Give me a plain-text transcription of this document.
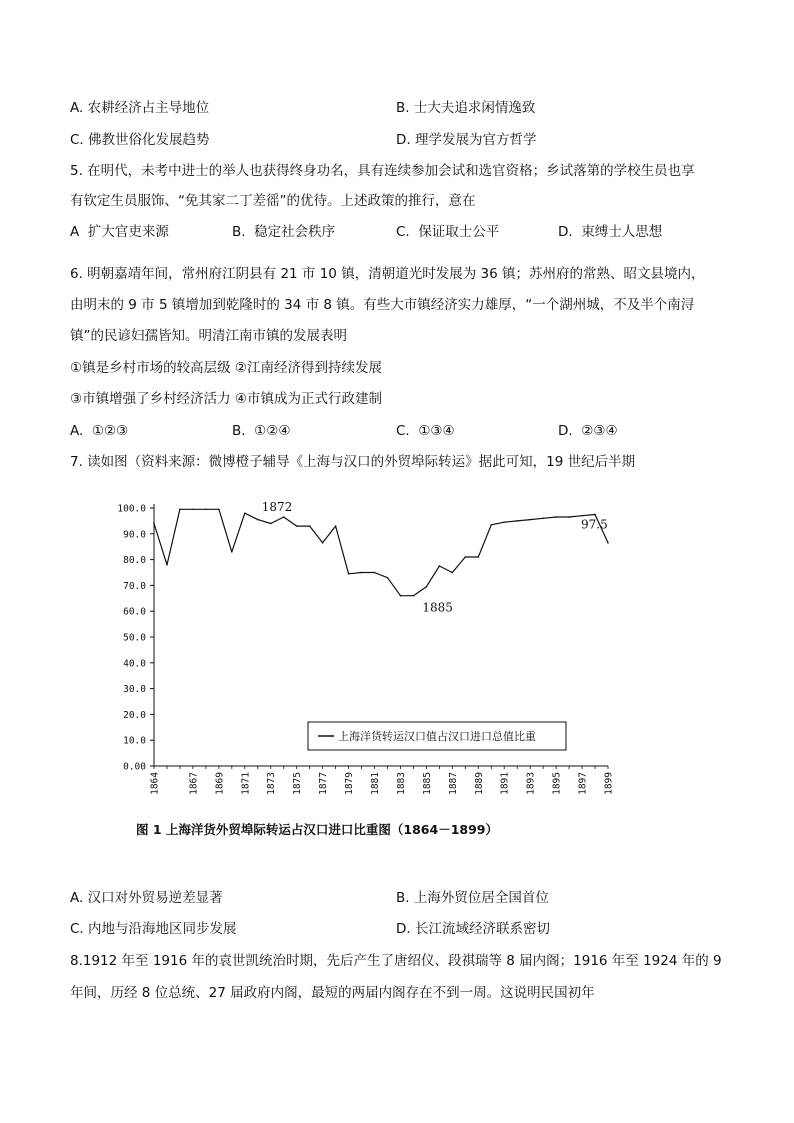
A. 农耕经济占主导地位	B. 士大夫追求闲情逸致
C. 佛教世俗化发展趋势	D. 理学发展为官方哲学
5. 在明代，未考中进士的举人也获得终身功名，具有连续参加会试和选官资格；乡试落第的学校生员也享
有钦定生员服饰、“免其家二丁差徭”的优待。上述政策的推行，意在
A 扩大官吏来源	B. 稳定社会秩序	C. 保证取士公平	D. 束缚士人思想
6. 明朝嘉靖年间，常州府江阴县有 21 市 10 镇，清朝道光时发展为 36 镇；苏州府的常熟、昭文县境内，
由明末的 9 市 5 镇增加到乾隆时的 34 市 8 镇。有些大市镇经济实力雄厚，“一个湖州城，不及半个南浔
镇”的民谚妇孺皆知。明清江南市镇的发展表明
①镇是乡村市场的较高层级 ②江南经济得到持续发展
③市镇增强了乡村经济活力 ④市镇成为正式行政建制
A. ①②③	B. ①②④	C. ①③④	D. ②③④
7. 读如图（资料来源：微博橙子辅导《上海与汉口的外贸埠际转运》据此可知，19 世纪后半期
0.00
10.0
20.0
30.0
40.0
50.0
60.0
70.0
80.0
90.0
100.0
1864	1867 1869 1871 1873 1875 1877 1879 1881 1883 1885 1887 1889 1891 1893 1895 1897 1899
1872
1885
97.5
上海洋货转运汉口值占汉口进口总值比重
图 1 上海洋货外贸埠际转运占汉口进口比重图（1864－1899）
A. 汉口对外贸易逆差显著	B. 上海外贸位居全国首位
C. 内地与沿海地区同步发展	D. 长江流域经济联系密切
8.1912 年至 1916 年的袁世凯统治时期，先后产生了唐绍仪、段祺瑞等 8 届内阁；1916 年至 1924 年的 9
年间，历经 8 位总统、27 届政府内阁，最短的两届内阁存在不到一周。这说明民国初年
